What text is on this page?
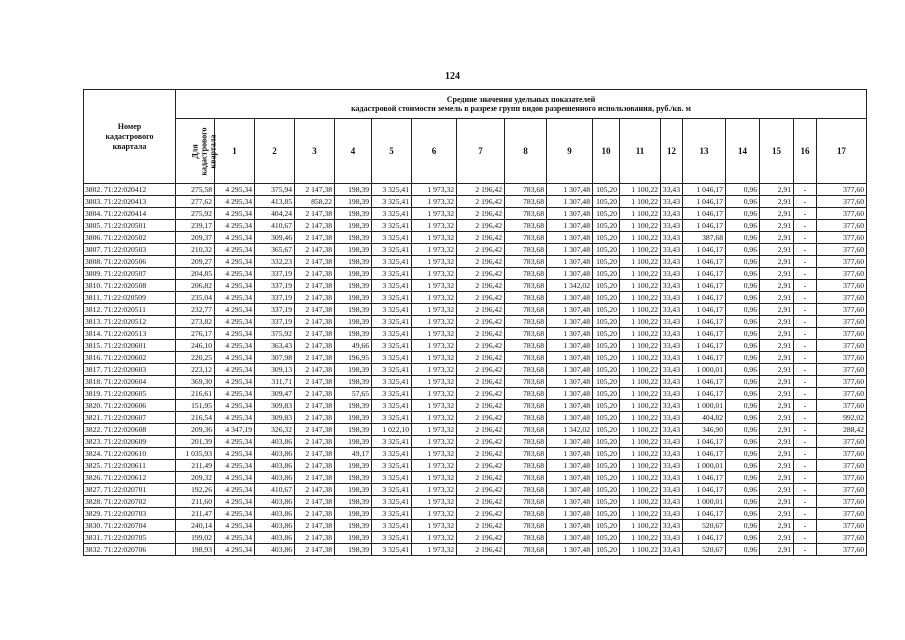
124
Номер кадастрового квартала	Средние значения удельных показателей
кадастровой стоимости земель в разрезе групп видов разрешенного использования, руб./кв. м																	

	Для кадастрового квартала	1	2	3	4	5	6	7	8	9	10	11	12	13	14	15	16	17
3802. 71:22:020412	275,58	4 295,34	375,94	2 147,38	198,39	3 325,41	1 973,32	2 196,42	783,68	1 307,48	105,20	1 100,22	33,43	1 046,17	0,96	2,91	-	377,60
3803. 71:22:020413	277,62	4 295,34	413,85	858,22	198,39	3 325,41	1 973,32	2 196,42	783,68	1 307,48	105,20	1 100,22	33,43	1 046,17	0,96	2,91	-	377,60
3804. 71:22:020414	275,92	4 295,34	404,24	2 147,38	198,39	3 325,41	1 973,32	2 196,42	783,68	1 307,48	105,20	1 100,22	33,43	1 046,17	0,96	2,91	-	377,60
3805. 71:22:020501	239,17	4 295,34	410,67	2 147,38	198,39	3 325,41	1 973,32	2 196,42	783,68	1 307,48	105,20	1 100,22	33,43	1 046,17	0,96	2,91	-	377,60
3806. 71:22:020502	209,37	4 295,34	309,46	2 147,38	198,39	3 325,41	1 973,32	2 196,42	783,68	1 307,48	105,20	1 100,22	33,43	387,68	0,96	2,91	-	377,60
3807. 71:22:020503	210,32	4 295,34	365,67	2 147,38	198,39	3 325,41	1 973,32	2 196,42	783,68	1 307,48	105,20	1 100,22	33,43	1 046,17	0,96	2,91	-	377,60
3808. 71:22:020506	209,27	4 295,34	332,23	2 147,38	198,39	3 325,41	1 973,32	2 196,42	783,68	1 307,48	105,20	1 100,22	33,43	1 046,17	0,96	2,91	-	377,60
3809. 71:22:020507	204,85	4 295,34	337,19	2 147,38	198,39	3 325,41	1 973,32	2 196,42	783,68	1 307,48	105,20	1 100,22	33,43	1 046,17	0,96	2,91	-	377,60
3810. 71:22:020508	206,82	4 295,34	337,19	2 147,38	198,39	3 325,41	1 973,32	2 196,42	783,68	1 342,02	105,20	1 100,22	33,43	1 046,17	0,96	2,91	-	377,60
3811. 71:22:020509	235,04	4 295,34	337,19	2 147,38	198,39	3 325,41	1 973,32	2 196,42	783,68	1 307,48	105,20	1 100,22	33,43	1 046,17	0,96	2,91	-	377,60
3812. 71:22:020511	232,77	4 295,34	337,19	2 147,38	198,39	3 325,41	1 973,32	2 196,42	783,68	1 307,48	105,20	1 100,22	33,43	1 046,17	0,96	2,91	-	377,60
3813. 71:22:020512	273,82	4 295,34	337,19	2 147,38	198,39	3 325,41	1 973,32	2 196,42	783,68	1 307,48	105,20	1 100,22	33,43	1 046,17	0,96	2,91	-	377,60
3814. 71:22:020513	276,17	4 295,34	375,92	2 147,38	198,39	3 325,41	1 973,32	2 196,42	783,68	1 307,48	105,20	1 100,22	33,43	1 046,17	0,96	2,91	-	377,60
3815. 71:22:020601	246,10	4 295,34	363,43	2 147,38	49,66	3 325,41	1 973,32	2 196,42	783,68	1 307,48	105,20	1 100,22	33,43	1 046,17	0,96	2,91	-	377,60
3816. 71:22:020602	220,25	4 295,34	307,98	2 147,38	196,95	3 325,41	1 973,32	2 196,42	783,68	1 307,48	105,20	1 100,22	33,43	1 046,17	0,96	2,91	-	377,60
3817. 71:22:020603	223,12	4 295,34	309,13	2 147,38	198,39	3 325,41	1 973,32	2 196,42	783,68	1 307,48	105,20	1 100,22	33,43	1 000,01	0,96	2,91	-	377,60
3818. 71:22:020604	369,30	4 295,34	311,71	2 147,38	198,39	3 325,41	1 973,32	2 196,42	783,68	1 307,48	105,20	1 100,22	33,43	1 046,17	0,96	2,91	-	377,60
3819. 71:22:020605	216,61	4 295,34	309,47	2 147,38	57,65	3 325,41	1 973,32	2 196,42	783,68	1 307,48	105,20	1 100,22	33,43	1 046,17	0,96	2,91	-	377,60
3820. 71:22:020606	151,95	4 295,34	309,83	2 147,38	198,39	3 325,41	1 973,32	2 196,42	783,68	1 307,48	105,20	1 100,22	33,43	1 000,01	0,96	2,91	-	377,60
3821. 71:22:020607	216,54	4 295,34	309,83	2 147,38	198,39	3 325,41	1 973,32	2 196,42	783,68	1 307,48	105,20	1 100,22	33,43	404,82	0,96	2,91	-	992,02
3822. 71:22:020608	209,36	4 347,19	326,32	2 147,38	198,39	1 022,10	1 973,32	2 196,42	783,68	1 342,02	105,20	1 100,22	33,43	346,90	0,96	2,91	-	288,42
3823. 71:22:020609	201,39	4 295,34	403,86	2 147,38	198,39	3 325,41	1 973,32	2 196,42	783,68	1 307,48	105,20	1 100,22	33,43	1 046,17	0,96	2,91	-	377,60
3824. 71:22:020610	1 035,93	4 295,34	403,86	2 147,38	49,17	3 325,41	1 973,32	2 196,42	783,68	1 307,48	105,20	1 100,22	33,43	1 046,17	0,96	2,91	-	377,60
3825. 71:22:020611	211,49	4 295,34	403,86	2 147,38	198,39	3 325,41	1 973,32	2 196,42	783,68	1 307,48	105,20	1 100,22	33,43	1 000,01	0,96	2,91	-	377,60
3826. 71:22:020612	209,32	4 295,34	403,86	2 147,38	198,39	3 325,41	1 973,32	2 196,42	783,68	1 307,48	105,20	1 100,22	33,43	1 046,17	0,96	2,91	-	377,60
3827. 71:22:020701	192,26	4 295,34	410,67	2 147,38	198,39	3 325,41	1 973,32	2 196,42	783,68	1 307,48	105,20	1 100,22	33,43	1 046,17	0,96	2,91	-	377,60
3828. 71:22:020702	211,60	4 295,34	403,86	2 147,38	198,39	3 325,41	1 973,32	2 196,42	783,68	1 307,48	105,20	1 100,22	33,43	1 000,01	0,96	2,91	-	377,60
3829. 71:22:020703	211,47	4 295,34	403,86	2 147,38	198,39	3 325,41	1 973,32	2 196,42	783,68	1 307,48	105,20	1 100,22	33,43	1 046,17	0,96	2,91	-	377,60
3830. 71:22:020704	240,14	4 295,34	403,86	2 147,38	198,39	3 325,41	1 973,32	2 196,42	783,68	1 307,48	105,20	1 100,22	33,43	520,67	0,96	2,91	-	377,60
3831. 71:22:020705	199,02	4 295,34	403,86	2 147,38	198,39	3 325,41	1 973,32	2 196,42	783,68	1 307,48	105,20	1 100,22	33,43	1 046,17	0,96	2,91	-	377,60
3832. 71:22:020706	198,93	4 295,34	403,86	2 147,38	198,39	3 325,41	1 973,32	2 196,42	783,68	1 307,48	105,20	1 100,22	33,43	520,67	0,96	2,91	-	377,60
